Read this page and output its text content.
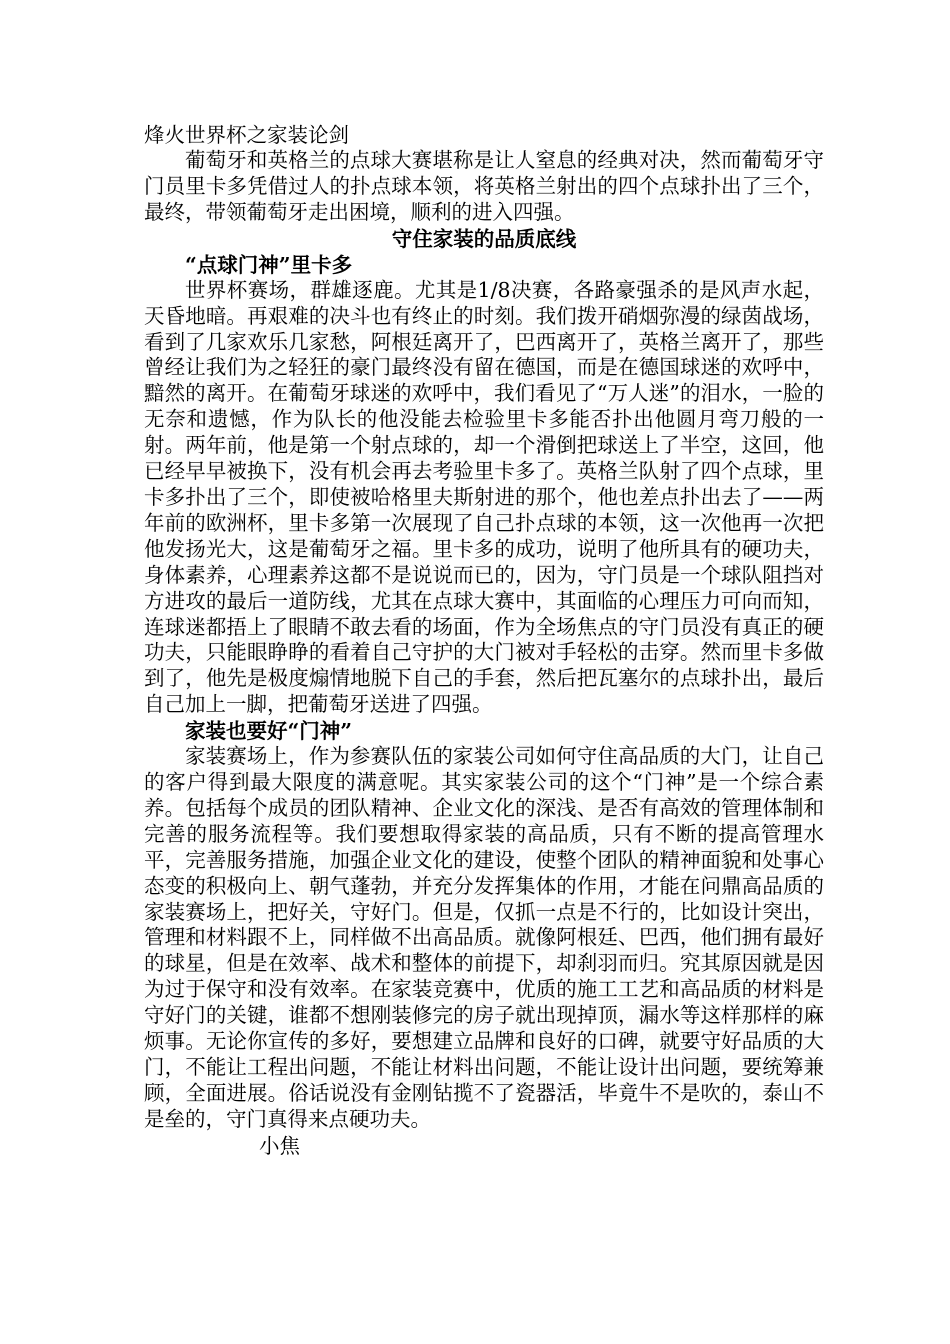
烽火世界杯之家装论剑

葡萄牙和英格兰的点球大赛堪称是让人窒息的经典对决，然而葡萄牙守门员里卡多凭借过人的扑点球本领，将英格兰射出的四个点球扑出了三个，最终，带领葡萄牙走出困境，顺利的进入四强。

守住家装的品质底线

“点球门神”里卡多

世界杯赛场，群雄逐鹿。尤其是1/8决赛，各路豪强杀的是风声水起，天昏地暗。再艰难的决斗也有终止的时刻。我们拨开硝烟弥漫的绿茵战场，看到了几家欢乐几家愁，阿根廷离开了，巴西离开了，英格兰离开了，那些曾经让我们为之轻狂的豪门最终没有留在德国，而是在德国球迷的欢呼中，黯然的离开。在葡萄牙球迷的欢呼中，我们看见了“万人迷”的泪水，一脸的无奈和遗憾，作为队长的他没能去检验里卡多能否扑出他圆月弯刀般的一射。两年前，他是第一个射点球的，却一个滑倒把球送上了半空，这回，他已经早早被换下，没有机会再去考验里卡多了。英格兰队射了四个点球，里卡多扑出了三个，即使被哈格里夫斯射进的那个，他也差点扑出去了——两年前的欧洲杯，里卡多第一次展现了自己扑点球的本领，这一次他再一次把他发扬光大，这是葡萄牙之福。里卡多的成功，说明了他所具有的硬功夫，身体素养，心理素养这都不是说说而已的，因为，守门员是一个球队阻挡对方进攻的最后一道防线，尤其在点球大赛中，其面临的心理压力可向而知，连球迷都捂上了眼睛不敢去看的场面，作为全场焦点的守门员没有真正的硬功夫，只能眼睁睁的看着自己守护的大门被对手轻松的击穿。然而里卡多做到了，他先是极度煽情地脱下自己的手套，然后把瓦塞尔的点球扑出，最后自己加上一脚，把葡萄牙送进了四强。

家装也要好“门神”

家装赛场上，作为参赛队伍的家装公司如何守住高品质的大门，让自己的客户得到最大限度的满意呢。其实家装公司的这个“门神”是一个综合素养。包括每个成员的团队精神、企业文化的深浅、是否有高效的管理体制和完善的服务流程等。我们要想取得家装的高品质，只有不断的提高管理水平，完善服务措施，加强企业文化的建设，使整个团队的精神面貌和处事心态变的积极向上、朝气蓬勃，并充分发挥集体的作用，才能在问鼎高品质的家装赛场上，把好关，守好门。但是，仅抓一点是不行的，比如设计突出，管理和材料跟不上，同样做不出高品质。就像阿根廷、巴西，他们拥有最好的球星，但是在效率、战术和整体的前提下，却刹羽而归。究其原因就是因为过于保守和没有效率。在家装竞赛中，优质的施工工艺和高品质的材料是守好门的关键，谁都不想刚装修完的房子就出现掉顶，漏水等这样那样的麻烦事。无论你宣传的多好，要想建立品牌和良好的口碑，就要守好品质的大门，不能让工程出问题，不能让材料出问题，不能让设计出问题，要统筹兼顾，全面进展。俗话说没有金刚钻揽不了瓷器活，毕竟牛不是吹的，泰山不是垒的，守门真得来点硬功夫。

小焦
